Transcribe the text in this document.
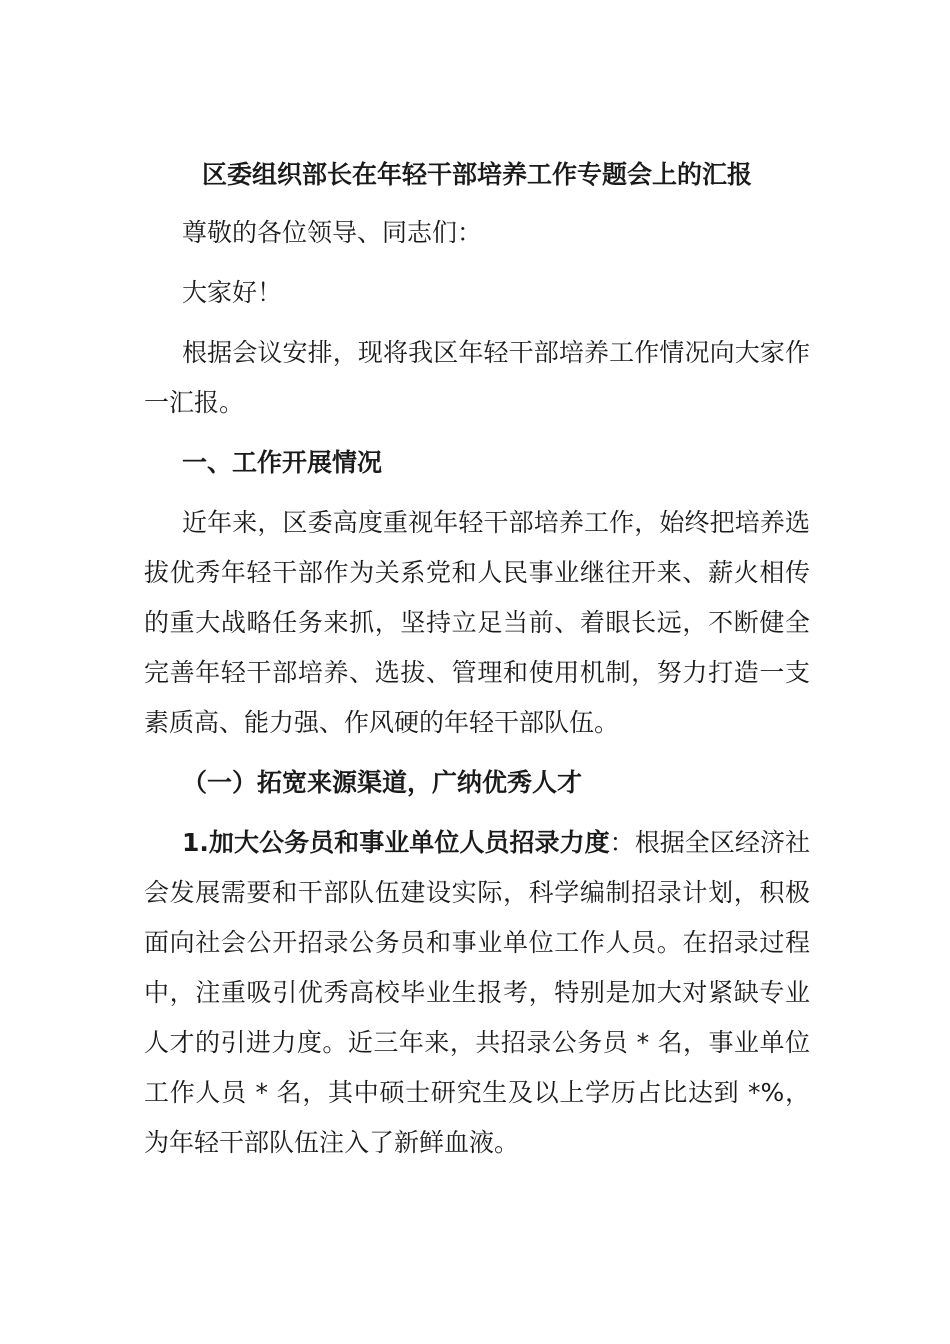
区委组织部长在年轻干部培养工作专题会上的汇报

尊敬的各位领导、同志们：

大家好！

根据会议安排，现将我区年轻干部培养工作情况向大家作一汇报。

一、工作开展情况

近年来，区委高度重视年轻干部培养工作，始终把培养选拔优秀年轻干部作为关系党和人民事业继往开来、薪火相传的重大战略任务来抓，坚持立足当前、着眼长远，不断健全完善年轻干部培养、选拔、管理和使用机制，努力打造一支素质高、能力强、作风硬的年轻干部队伍。

（一）拓宽来源渠道，广纳优秀人才

1.加大公务员和事业单位人员招录力度：根据全区经济社会发展需要和干部队伍建设实际，科学编制招录计划，积极面向社会公开招录公务员和事业单位工作人员。在招录过程中，注重吸引优秀高校毕业生报考，特别是加大对紧缺专业人才的引进力度。近三年来，共招录公务员 * 名，事业单位工作人员 * 名，其中硕士研究生及以上学历占比达到 *%，为年轻干部队伍注入了新鲜血液。
